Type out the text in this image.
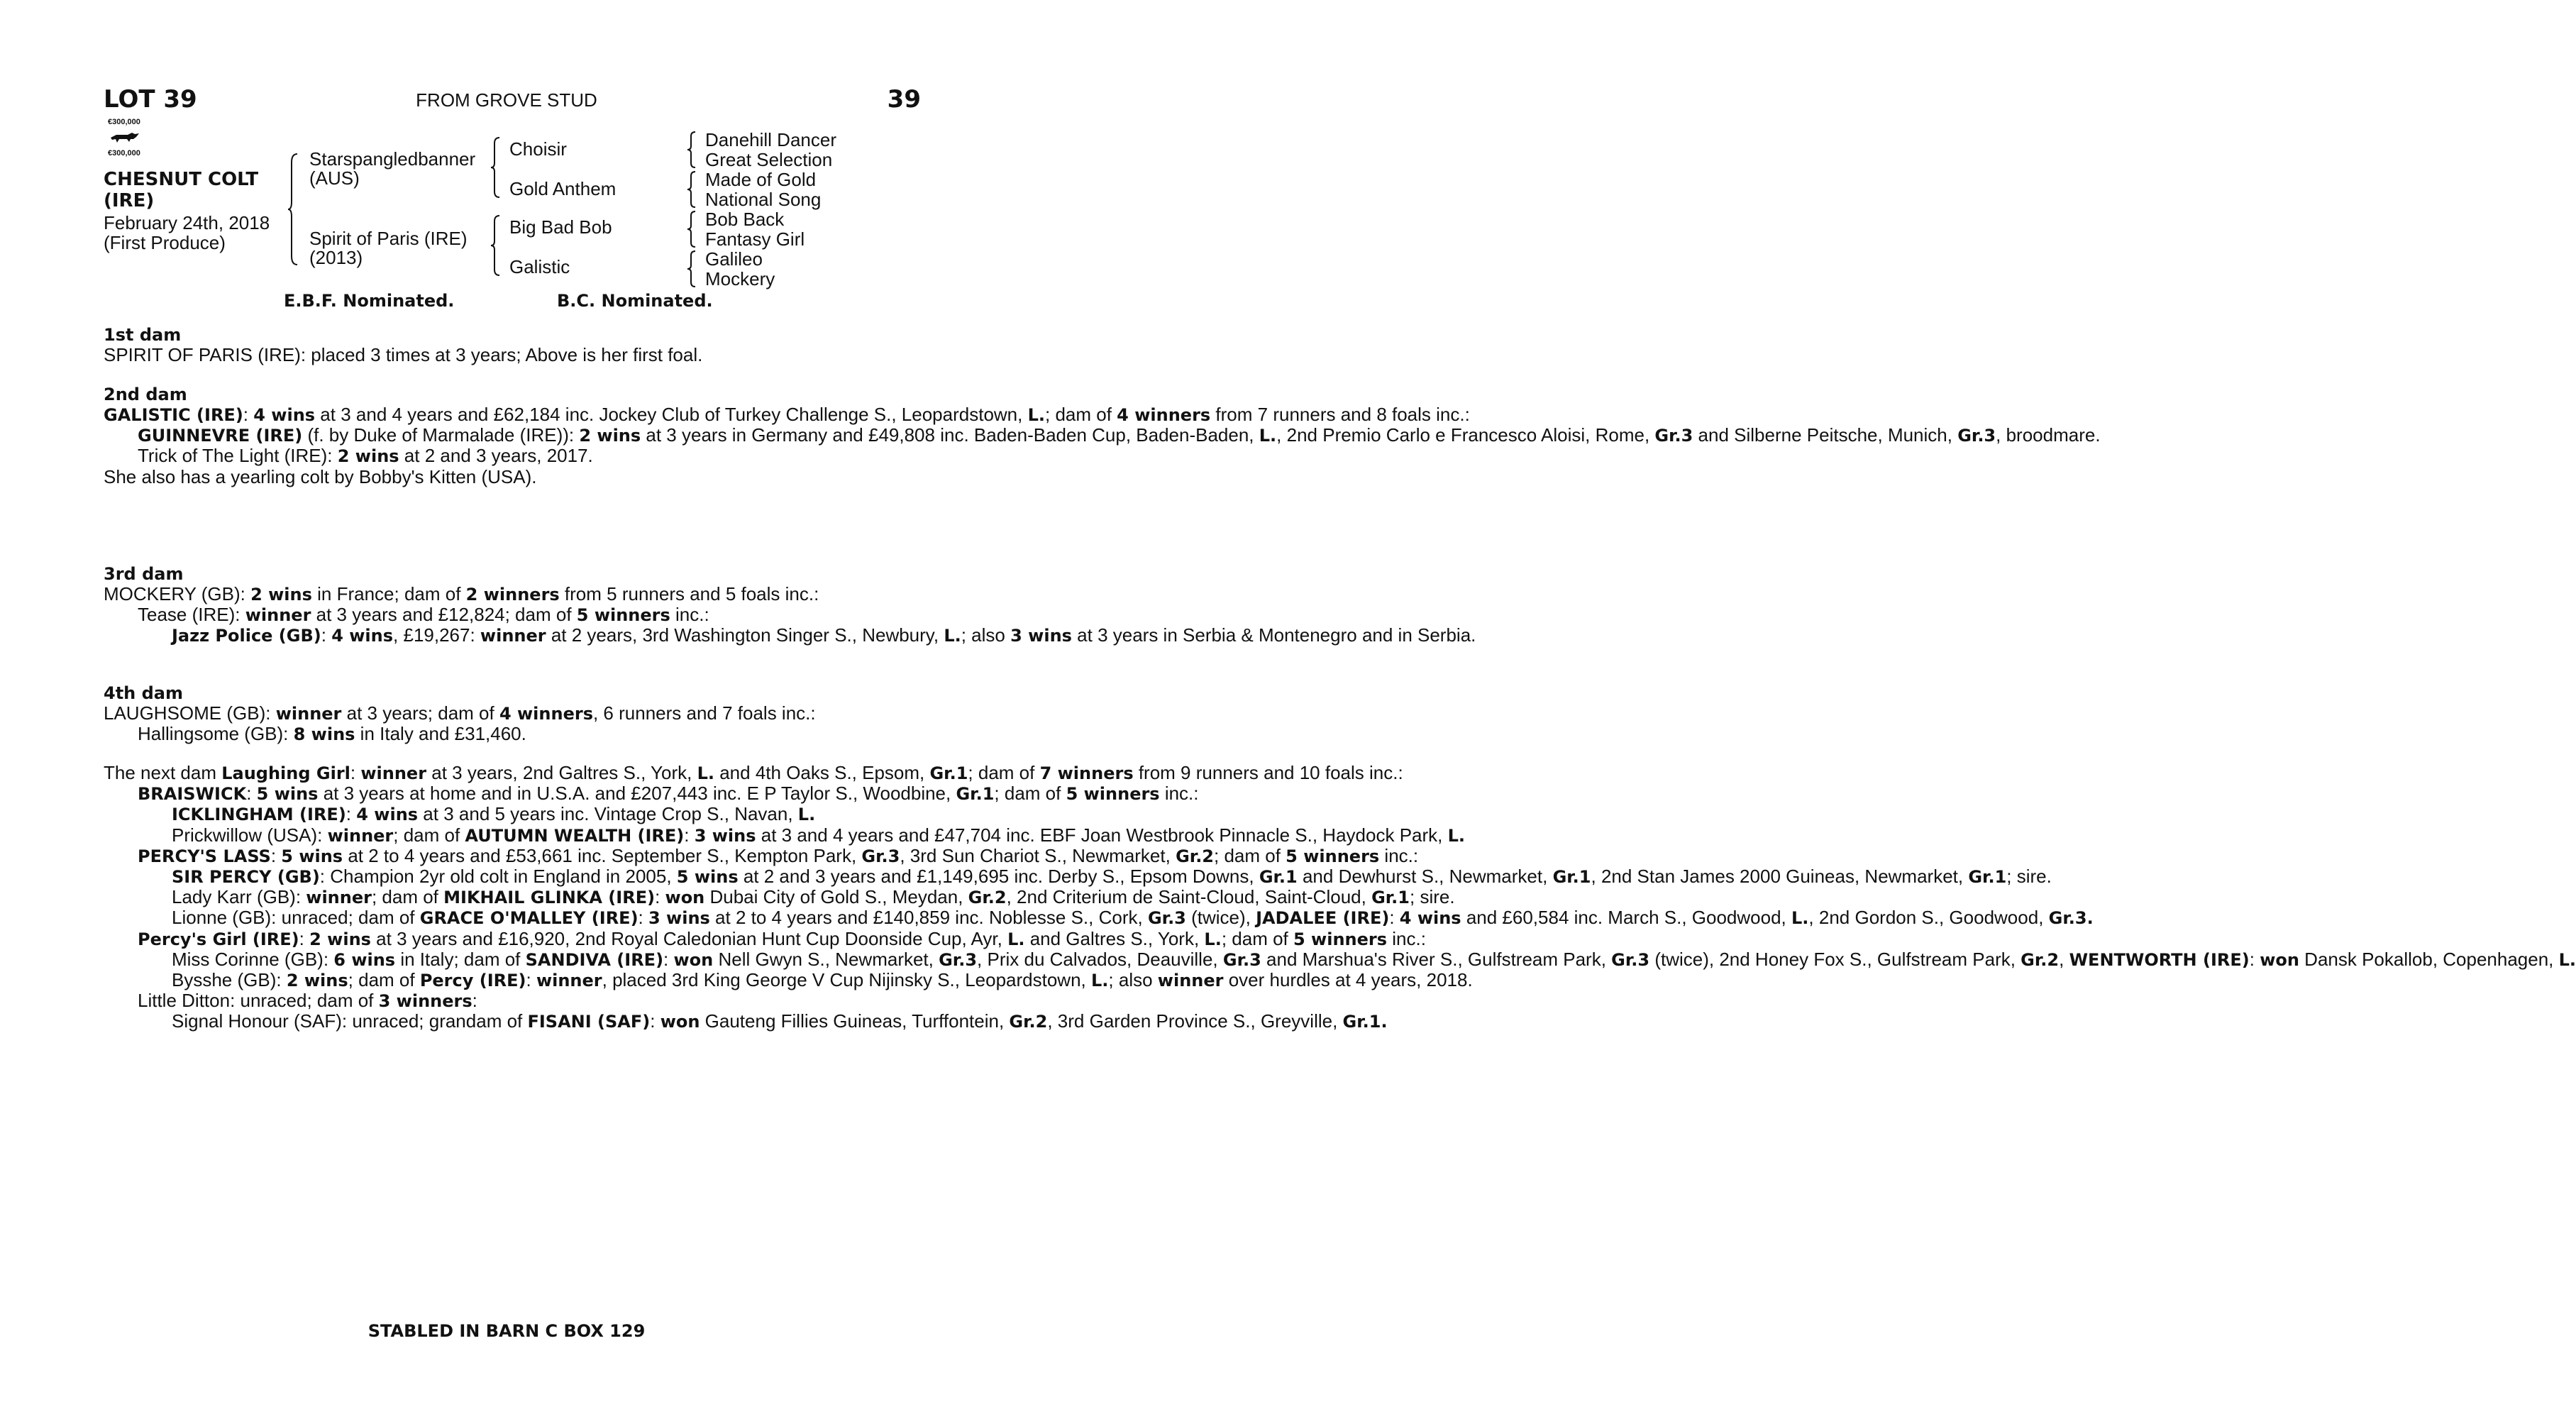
LOT 39	FROM GROVE STUD	39
€300,000
€300,000
CHESNUT COLT (IRE)
February 24th, 2018
(First Produce)
Starspangledbanner
(AUS)
Spirit of Paris (IRE)
(2013)
Choisir
Gold Anthem
Big Bad Bob
Galistic
Danehill Dancer
Great Selection
Made of Gold
National Song
Bob Back
Fantasy Girl
Galileo
Mockery
E.B.F. Nominated.	B.C. Nominated.
1st dam

SPIRIT OF PARIS (IRE): placed 3 times at 3 years; Above is her first foal.

2nd dam

GALISTIC (IRE): 4 wins at 3 and 4 years and £62,184 inc. Jockey Club of Turkey Challenge S., Leopardstown, L.; dam of 4 winners from 7 runners and 8 foals inc.:

GUINNEVRE (IRE) (f. by Duke of Marmalade (IRE)): 2 wins at 3 years in Germany and £49,808 inc. Baden-Baden Cup, Baden-Baden, L., 2nd Premio Carlo e Francesco Aloisi, Rome, Gr.3 and Silberne Peitsche, Munich, Gr.3, broodmare.

Trick of The Light (IRE): 2 wins at 2 and 3 years, 2017.

She also has a yearling colt by Bobby's Kitten (USA).

3rd dam

MOCKERY (GB): 2 wins in France; dam of 2 winners from 5 runners and 5 foals inc.:

Tease (IRE): winner at 3 years and £12,824; dam of 5 winners inc.:

Jazz Police (GB): 4 wins, £19,267: winner at 2 years, 3rd Washington Singer S., Newbury, L.; also 3 wins at 3 years in Serbia & Montenegro and in Serbia.

4th dam

LAUGHSOME (GB): winner at 3 years; dam of 4 winners, 6 runners and 7 foals inc.:

Hallingsome (GB): 8 wins in Italy and £31,460.

The next dam Laughing Girl: winner at 3 years, 2nd Galtres S., York, L. and 4th Oaks S., Epsom, Gr.1; dam of 7 winners from 9 runners and 10 foals inc.:

BRAISWICK: 5 wins at 3 years at home and in U.S.A. and £207,443 inc. E P Taylor S., Woodbine, Gr.1; dam of 5 winners inc.:

ICKLINGHAM (IRE): 4 wins at 3 and 5 years inc. Vintage Crop S., Navan, L.

Prickwillow (USA): winner; dam of AUTUMN WEALTH (IRE): 3 wins at 3 and 4 years and £47,704 inc. EBF Joan Westbrook Pinnacle S., Haydock Park, L.

PERCY'S LASS: 5 wins at 2 to 4 years and £53,661 inc. September S., Kempton Park, Gr.3, 3rd Sun Chariot S., Newmarket, Gr.2; dam of 5 winners inc.:

SIR PERCY (GB): Champion 2yr old colt in England in 2005, 5 wins at 2 and 3 years and £1,149,695 inc. Derby S., Epsom Downs, Gr.1 and Dewhurst S., Newmarket, Gr.1, 2nd Stan James 2000 Guineas, Newmarket, Gr.1; sire.

Lady Karr (GB): winner; dam of MIKHAIL GLINKA (IRE): won Dubai City of Gold S., Meydan, Gr.2, 2nd Criterium de Saint-Cloud, Saint-Cloud, Gr.1; sire.

Lionne (GB): unraced; dam of GRACE O'MALLEY (IRE): 3 wins at 2 to 4 years and £140,859 inc. Noblesse S., Cork, Gr.3 (twice), JADALEE (IRE): 4 wins and £60,584 inc. March S., Goodwood, L., 2nd Gordon S., Goodwood, Gr.3.

Percy's Girl (IRE): 2 wins at 3 years and £16,920, 2nd Royal Caledonian Hunt Cup Doonside Cup, Ayr, L. and Galtres S., York, L.; dam of 5 winners inc.:

Miss Corinne (GB): 6 wins in Italy; dam of SANDIVA (IRE): won Nell Gwyn S., Newmarket, Gr.3, Prix du Calvados, Deauville, Gr.3 and Marshua's River S., Gulfstream Park, Gr.3 (twice), 2nd Honey Fox S., Gulfstream Park, Gr.2, WENTWORTH (IRE): won Dansk Pokallob, Copenhagen, L.

Bysshe (GB): 2 wins; dam of Percy (IRE): winner, placed 3rd King George V Cup Nijinsky S., Leopardstown, L.; also winner over hurdles at 4 years, 2018.

Little Ditton: unraced; dam of 3 winners:

Signal Honour (SAF): unraced; grandam of FISANI (SAF): won Gauteng Fillies Guineas, Turffontein, Gr.2, 3rd Garden Province S., Greyville, Gr.1.

STABLED IN BARN C BOX 129
